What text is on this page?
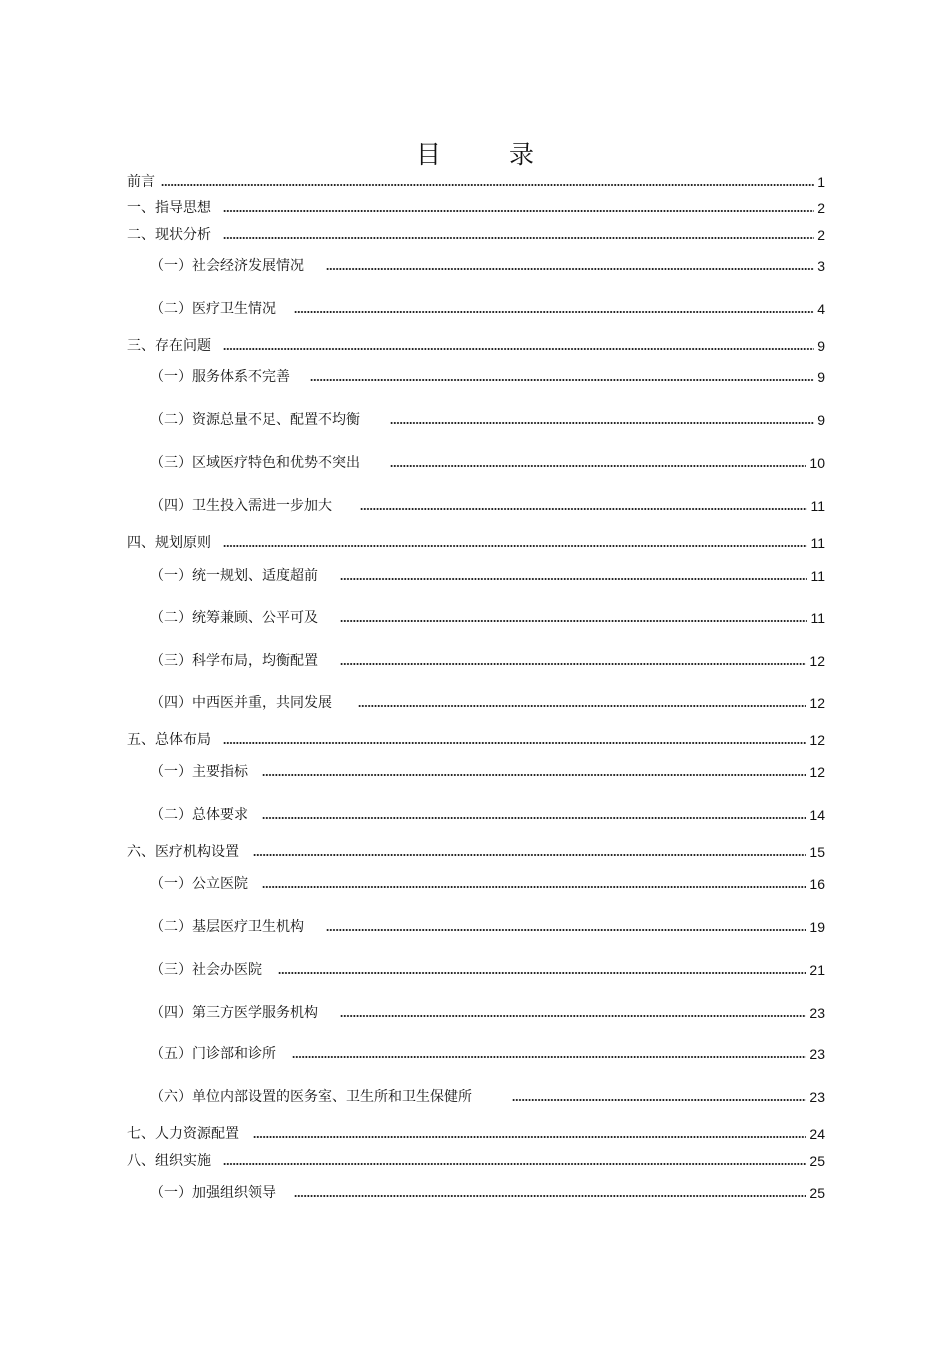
目 录
前言	1
一、指导思想	2
二、现状分析	2
（一）社会经济发展情况	3
（二）医疗卫生情况	4
三、存在问题	9
（一）服务体系不完善	9
（二）资源总量不足、配置不均衡	9
（三）区域医疗特色和优势不突出	10
（四）卫生投入需进一步加大	11
四、规划原则	11
（一）统一规划、适度超前	11
（二）统筹兼顾、公平可及	11
（三）科学布局，均衡配置	12
（四）中西医并重，共同发展	12
五、总体布局	12
（一）主要指标	12
（二）总体要求	14
六、医疗机构设置	15
（一）公立医院	16
（二）基层医疗卫生机构	19
（三）社会办医院	21
（四）第三方医学服务机构	23
（五）门诊部和诊所	23
（六）单位内部设置的医务室、卫生所和卫生保健所	23
七、人力资源配置	24
八、组织实施	25
（一）加强组织领导	25
